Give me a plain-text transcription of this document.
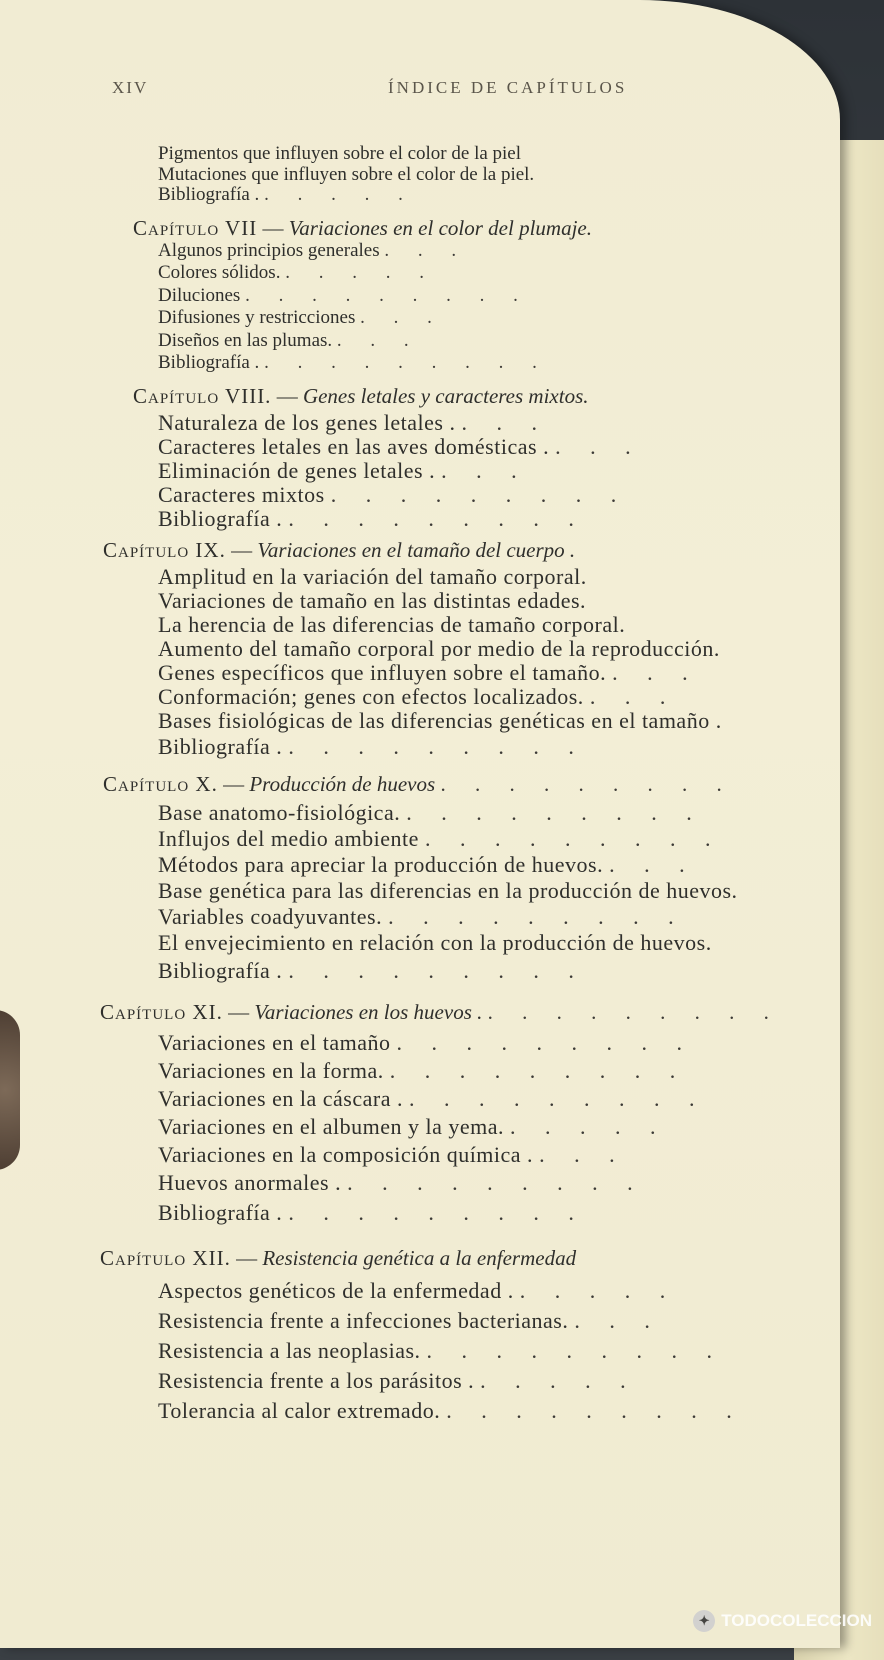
XIV	ÍNDICE DE CAPÍTULOS
Pigmentos que influyen sobre el color de la piel
Mutaciones que influyen sobre el color de la piel.
Bibliografía . . . . . .
Capítulo VII — Variaciones en el color del plumaje.
Algunos principios generales . . .
Colores sólidos. . . . . .
Diluciones . . . . . . . . .
Difusiones y restricciones . . .
Diseños en las plumas. . . .
Bibliografía . . . . . . . . . .
Capítulo VIII. — Genes letales y caracteres mixtos.
Naturaleza de los genes letales . . . .
Caracteres letales en las aves domésticas . . . .
Eliminación de genes letales . . . .
Caracteres mixtos . . . . . . . . .
Bibliografía . . . . . . . . . .
Capítulo IX. — Variaciones en el tamaño del cuerpo .
Amplitud en la variación del tamaño corporal.
Variaciones de tamaño en las distintas edades.
La herencia de las diferencias de tamaño corporal.
Aumento del tamaño corporal por medio de la reproducción.
Genes específicos que influyen sobre el tamaño. . . .
Conformación; genes con efectos localizados. . . .
Bases fisiológicas de las diferencias genéticas en el tamaño .
Bibliografía . . . . . . . . . .
Capítulo X. — Producción de huevos . . . . . . . . .
Base anatomo-fisiológica. . . . . . . . . .
Influjos del medio ambiente . . . . . . . . .
Métodos para apreciar la producción de huevos. . . .
Base genética para las diferencias en la producción de huevos.
Variables coadyuvantes. . . . . . . . . .
El envejecimiento en relación con la producción de huevos.
Bibliografía . . . . . . . . . .
Capítulo XI. — Variaciones en los huevos . . . . . . . . . .
Variaciones en el tamaño . . . . . . . . .
Variaciones en la forma. . . . . . . . . .
Variaciones en la cáscara . . . . . . . . . .
Variaciones en el albumen y la yema. . . . . .
Variaciones en la composición química . . . .
Huevos anormales . . . . . . . . . .
Bibliografía . . . . . . . . . .
Capítulo XII. — Resistencia genética a la enfermedad
Aspectos genéticos de la enfermedad . . . . . .
Resistencia frente a infecciones bacterianas. . . .
Resistencia a las neoplasias. . . . . . . . . .
Resistencia frente a los parásitos . . . . . .
Tolerancia al calor extremado. . . . . . . . . .
✦ TODOCOLECCION
